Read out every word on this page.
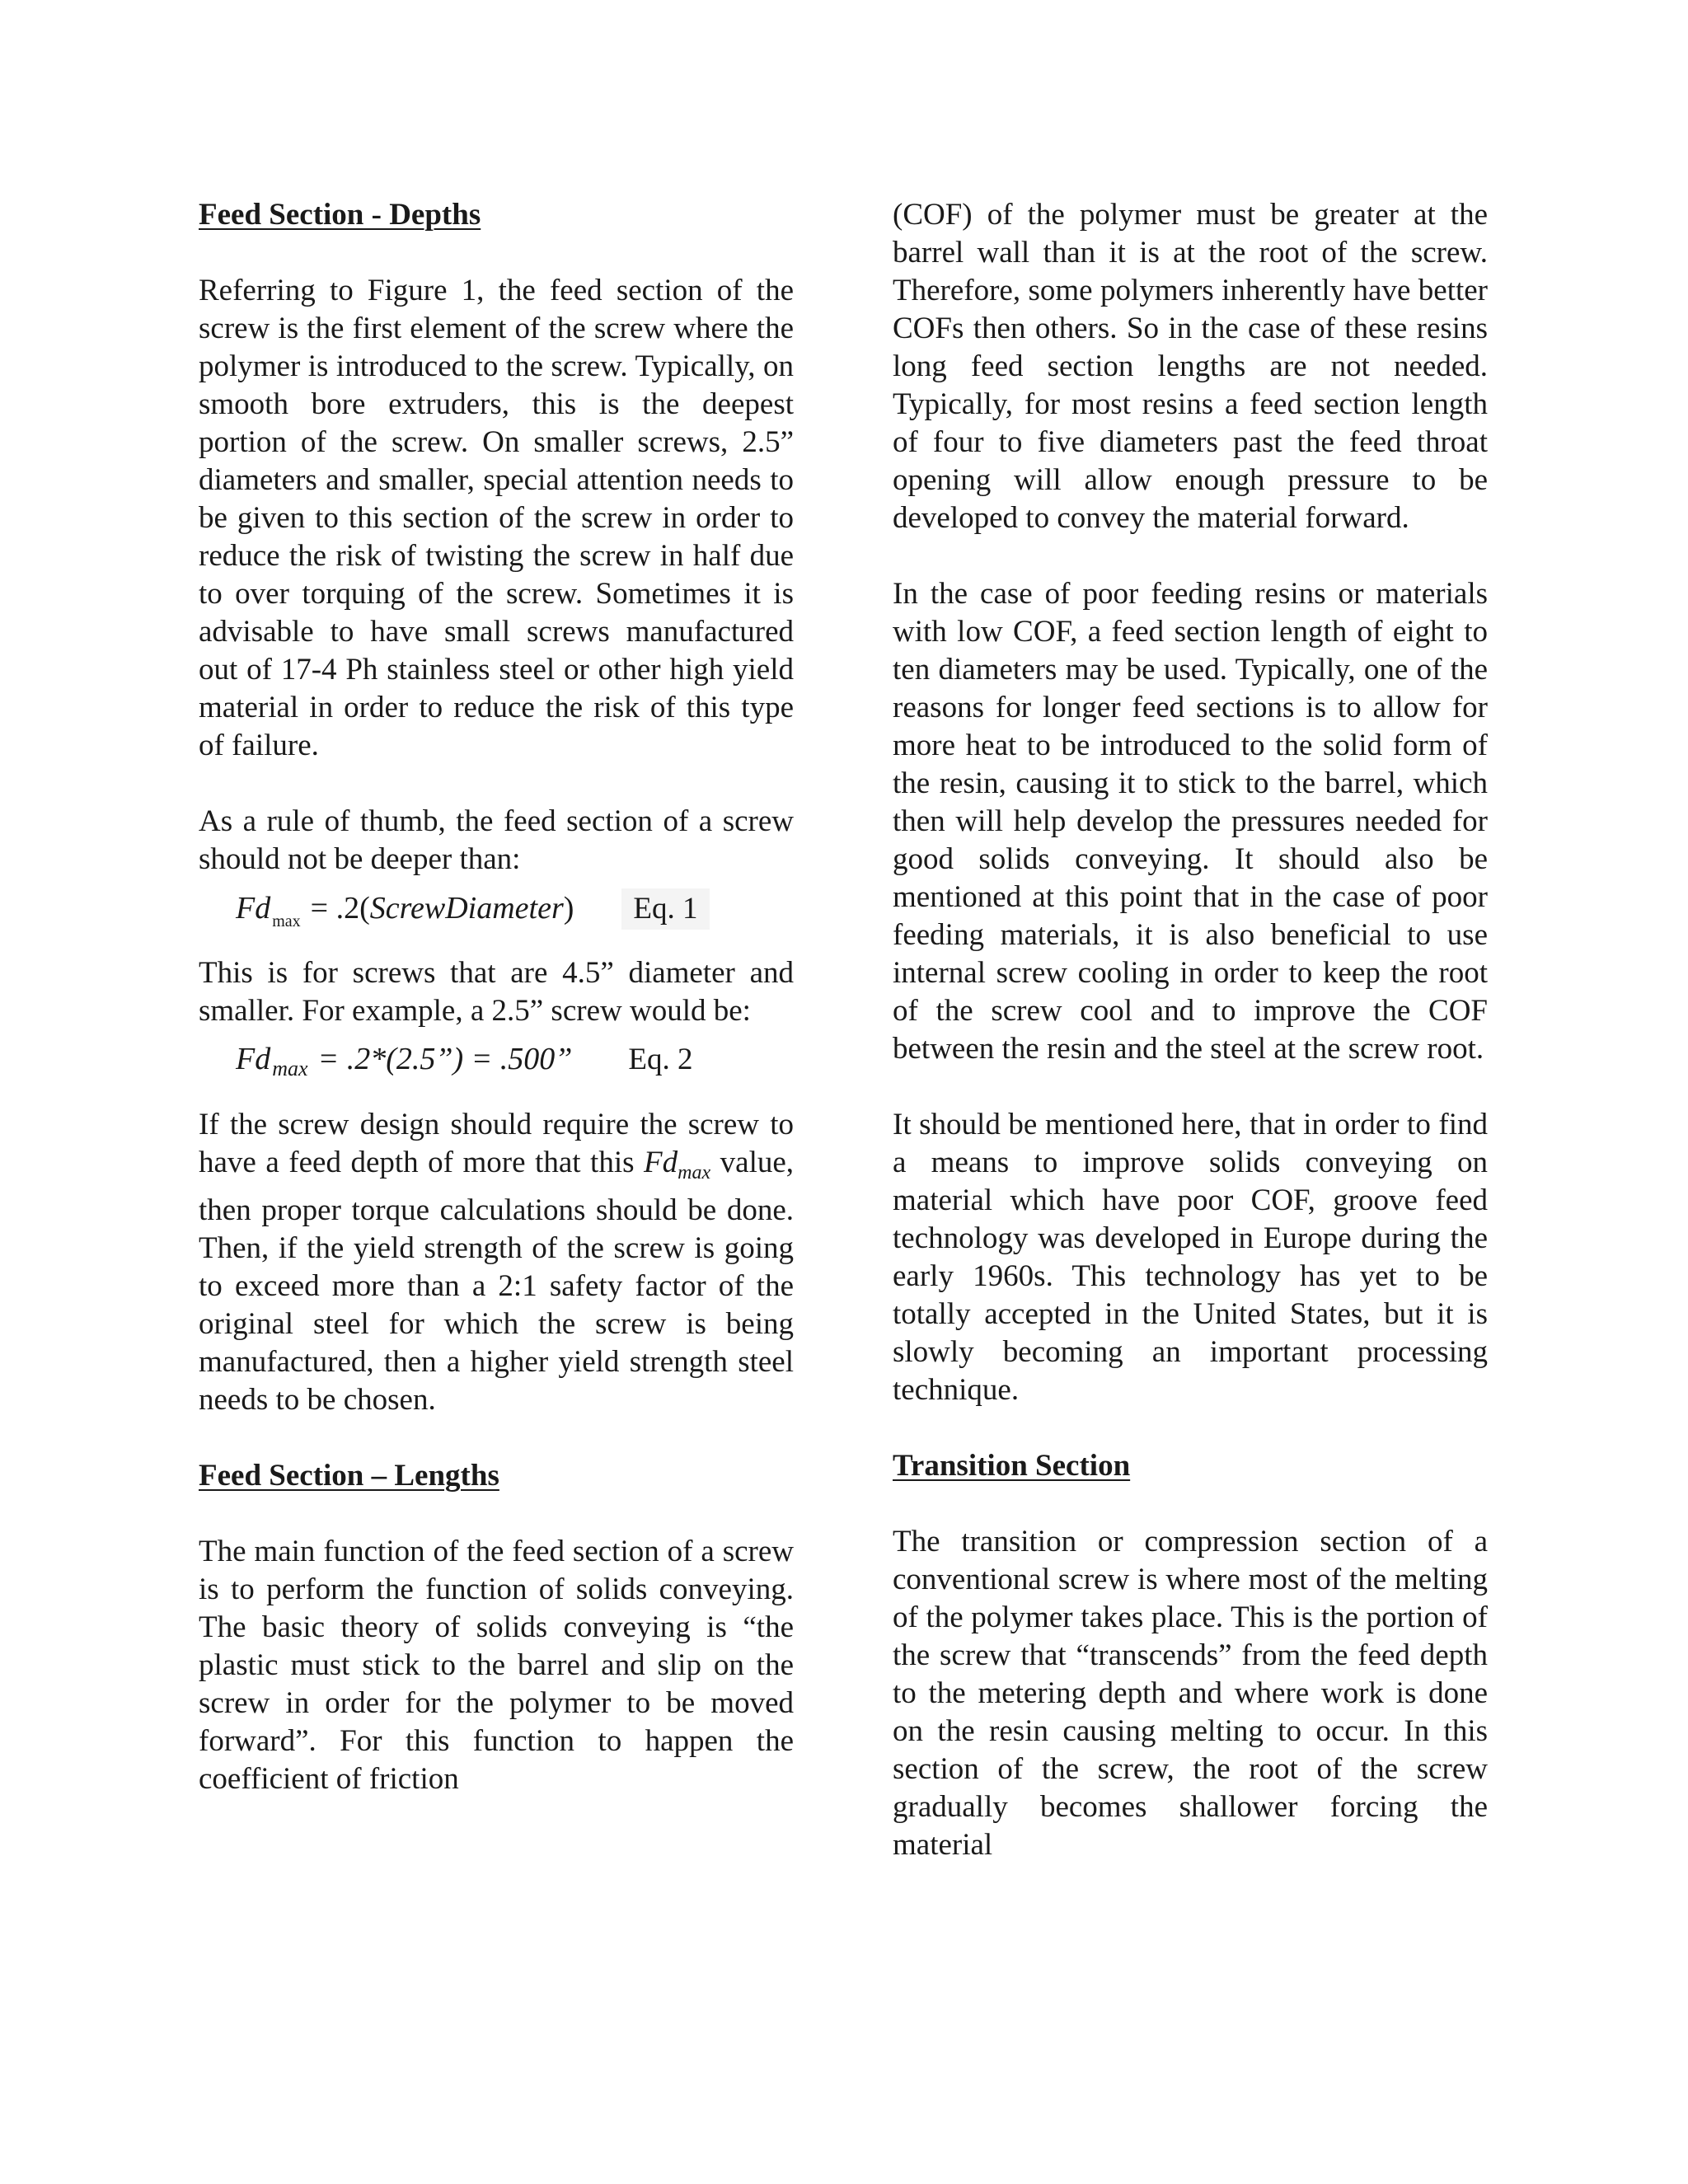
Feed Section - Depths

Referring to Figure 1, the feed section of the screw is the first element of the screw where the polymer is introduced to the screw. Typically, on smooth bore extruders, this is the deepest portion of the screw. On smaller screws, 2.5” diameters and smaller, special attention needs to be given to this section of the screw in order to reduce the risk of twisting the screw in half due to over torquing of the screw. Sometimes it is advisable to have small screws manufactured out of 17-4 Ph stainless steel or other high yield material in order to reduce the risk of this type of failure.

As a rule of thumb, the feed section of a screw should not be deeper than:

Fd $_{max}$ = .2(ScrewDiameter)	Eq. 1

This is for screws that are 4.5” diameter and smaller. For example, a 2.5” screw would be:

$Fd_{max}$ = .2*(2.5”) = .500” Eq. 2

If the screw design should require the screw to have a feed depth of more that this $Fd_{max}$ value, then proper torque calculations should be done. Then, if the yield strength of the screw is going to exceed more than a 2:1 safety factor of the original steel for which the screw is being manufactured, then a higher yield strength steel needs to be chosen.

Feed Section – Lengths

The main function of the feed section of a screw is to perform the function of solids conveying. The basic theory of solids conveying is “the plastic must stick to the barrel and slip on the screw in order for the polymer to be moved forward”. For this function to happen the coefficient of friction

(COF) of the polymer must be greater at the barrel wall than it is at the root of the screw. Therefore, some polymers inherently have better COFs then others. So in the case of these resins long feed section lengths are not needed. Typically, for most resins a feed section length of four to five diameters past the feed throat opening will allow enough pressure to be developed to convey the material forward.

In the case of poor feeding resins or materials with low COF, a feed section length of eight to ten diameters may be used. Typically, one of the reasons for longer feed sections is to allow for more heat to be introduced to the solid form of the resin, causing it to stick to the barrel, which then will help develop the pressures needed for good solids conveying. It should also be mentioned at this point that in the case of poor feeding materials, it is also beneficial to use internal screw cooling in order to keep the root of the screw cool and to improve the COF between the resin and the steel at the screw root.

It should be mentioned here, that in order to find a means to improve solids conveying on material which have poor COF, groove feed technology was developed in Europe during the early 1960s. This technology has yet to be totally accepted in the United States, but it is slowly becoming an important processing technique.

Transition Section

The transition or compression section of a conventional screw is where most of the melting of the polymer takes place. This is the portion of the screw that “transcends” from the feed depth to the metering depth and where work is done on the resin causing melting to occur. In this section of the screw, the root of the screw gradually becomes shallower forcing the material
